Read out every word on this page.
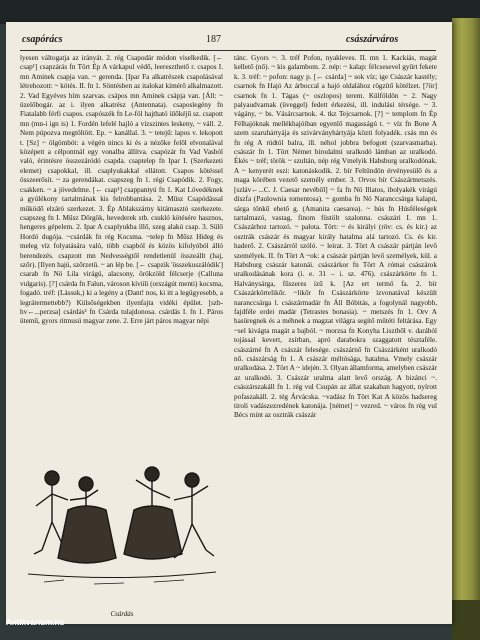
csapórács	187	császárváros

lyesen váltogatja az irányát. 2. rég Csapodár módon viselkedik. [← csap¹] csapzárás fn Tört Ép A várkapul védő, leereszthető r. csapos I. mn Aminek csapja van. ~ gerenda. [Ipar Fa alkatrészek csapolásával létrehozott: ~ kötés. II. fn 1. Söntésben az italokat kimérő alkalmazott. 2. Vad Egyéves hím szarvas. csápos mn Aminek csápja van. [Áll: ~ üzelőbogár. az i. ilyen alkatrész (Antennata). csaposlegény fn Fiatalabb férfi csapos. csapószék fn Le-föl hajtható ülőkéjű sz. csapott mn (mn-i ign is) 1. Fordén lefelé hajló a vízszintes leskeny, ~ váll. 2. Nem púpozva megtöltött. Ep. ~ kanállal. 3. ~ tetejű: lapos v. lekopott t. [Sz] ~ ölgömböt: a végén nincs ki és a nézőke felől elvonalával középett a célpontnál egy vonalba állítva. csapózár fn Vad Vasból való, érintésre összezáródó csapda. csaptelep fn Ipar I. (Szerkezeti elemet) csapokkal, ill. csaplyukakkal ellátott. Csapos kötéssel összeerősít. ~ za gerendákat. csapszeg fn 1. régi Csapódik. 2. Fogy, csakken. ~ a jövedelme. [← csap¹] csappantyú fn 1. Kat Lövedéknek a gyúlékony tartalmának kis felrobbantása. 2. Műsz Csapódással működő elzáró szerkezet. 3. Ép Ablakszárny kitámasztó szerkezete. csapszeg fn I. Műsz Dörgök, hevederek stb. csukló kötésére hasznos, hengeres gépelem. 2. Ipar A csaplyukba illő, szeg alakú csap. 3. Sülő Hordó dugója. ~csárdák fn rég Kocsma. ~telep fn Műsz Hideg és meleg víz folyatására való, több csapból és közös kifolyóból álló berendezés. csapzott mn Nedvességtől rendetlenül összeállt (haj, szőr). [Ilyen hajú, szőrzetű. ~ an lép be. [← csapzik 'összekuszálódik'] csarab fn Nö Lila virágú, alacsony, örökzöld félcserje (Calluna vulgaris). [?] csárda fn Falun, városon kívüli (országút menti) kocsma, fogadó. tréf: (Lássuk,) ki a legény a (Dant! nos, ki itt a legügyesebb, a legrátermettebb?) Külsőségekben ilyenfajta vidéki épület. [szb-hv←...perzsa] csárdás² fn Csárda tulajdonosa. csárdás I. fn 1. Páros ütemű, gyors ritmusú magyar zene. 2. Erre járt páros magyar népi

Csárdás

tánc. Gyors ~. 3. tréf Pofon, nyakleves. II. mn 1. Kackiás, magát kellető (nő). ~ kis galambom. 2. nép: ~ kalap: félcsesevel gyűrt fekete k. 3. tréf: ~ pofon: nagy p. [← csárda] ~ sok víz; ige Császár kastély; csarnok fn Hajó Az árboccal a hajó oldalához rögzítő kötélzet. [?ör] csarnok fn 1. Tágas (~ oszlopos) terem. Külföldön ~ 2. Nagy palyaudvarnak (üveggel) fedett érkezési, ill. indulási térsége. ~ 3. vágány, ~ bs. Vásárcsarnok. 4. tkz Tejcsarnok. [?] ~ templom fn Ép Félhajóknak mellékhajóiban egyenlő magasságú t. ~ víz fn Bone A szem szaruhártyája és szivárványhártyája közti folyadék. csás mn és fn rég A rúdtól balra, ill. néhol jobbra befogott (szarvasmarha). császár fn 1. Tört Német birodalmi uralkodó lámban az uralkodó. Ékés ~ tréf; török ~ szultán, nép rég Vmelyik Habsburg uralkodónak. A ~ kenyerét eszi: katonáskodik. 2. bír Feltündön érvényesülő és a maga körében vezető személy ember. 3. Orvos bír Császármetszés. [szláv←...C. J. Caesar nevéből] ~ fa fn Nö Illatos, ibolyakék virágú díszfa (Paulownia tomentosa). ~ gomba fn Nö Naranccsárga kalapú, sárga tönkű ehető g. (Amanita caesarea). ~ hús fn Húsféleségek tartalmazó, vastag, finom füstölt szalonna. császári I. mn 1. Császárhoz tartozó. ~ palota. Tört: ~ és királyi (röv: cs. és kir.) az osztrák császár és magyar király hatalma alá tartozó. Cs. és kir. haderő. 2. Császárról szóló. ~ leirat. 3. Tört A császár pártján levő személyek. II. fn Tört A ~ok: a császár pártján levő személyek, kül. a Habsburg császár katonái. császárkor fn Tört A római császárok uralkodásának kora (i. e. 31 – i. sz. 476). császárkörte fn 1. Halványsárga, fűszeres ízű k. [Az ert termő fa. 2. bír Császárkörtelikőr. ~likőr fn Császárkörte ízvonatával készült naranccsárga l. császármadár fn Áll Bóbitás, a fogolynál nagyobb, fajdféle erdei madár (Tetrastes bonasia). ~ metszés fn 1. Orv A hasüregnek és a méhnek a magzat világra segítő műtéti feltárása. Egy ~sel kivágta magát a bajból. ~ morzsa fn Konyha Lisztből v. darából tojással kevert, zsírban, apró darabokra szaggatott tésztaféle. császárné fn A császár felesége. császárnő fn Császárként uralkodó nő. császárság fn 1. A császár méltósága, hatalma. Vmely császár uralkodása. 2. Tört A ~ idején. 3. Olyan államforma, amelyben császár az uralkodó. 3. Császár uralma alatt levő ország. A bizánci ~. császárszakáll fn 1. rég vul Csupán az állat szakaban hagyott, nyírott pofaszakáll. 2. tég Árvácska. ~vadász fn Tört Kat A közös hadsereg tiroli vadászezredének katonája. [német] ~ vezred. ~ város fn rég vul Bécs mint az osztrák császár

Antikvarium.hu
